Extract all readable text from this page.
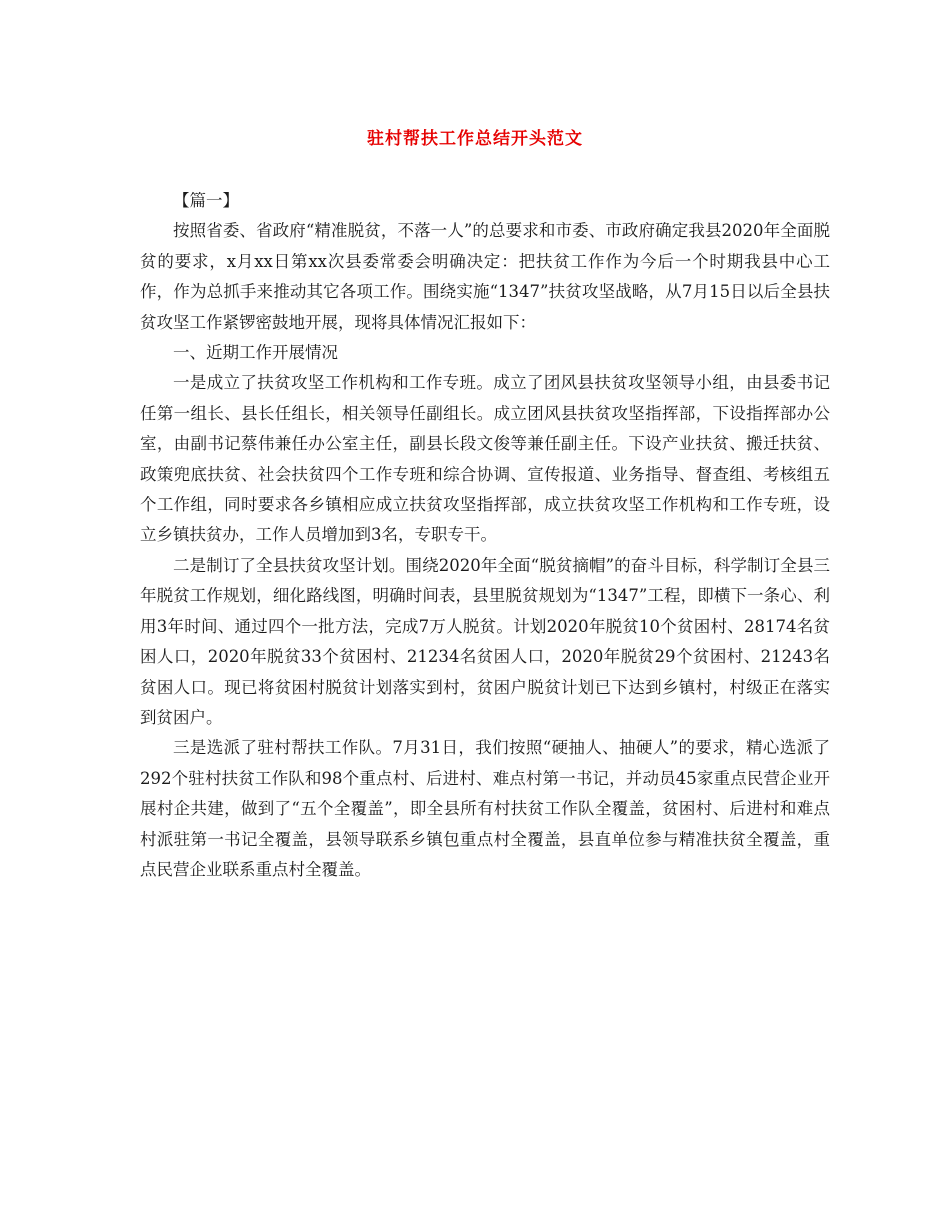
驻村帮扶工作总结开头范文

【篇一】

按照省委、省政府“精准脱贫，不落一人”的总要求和市委、市政府确定我县2020年全面脱贫的要求，x月xx日第xx次县委常委会明确决定：把扶贫工作作为今后一个时期我县中心工作，作为总抓手来推动其它各项工作。围绕实施“1347”扶贫攻坚战略，从7月15日以后全县扶贫攻坚工作紧锣密鼓地开展，现将具体情况汇报如下：

一、近期工作开展情况

一是成立了扶贫攻坚工作机构和工作专班。成立了团风县扶贫攻坚领导小组，由县委书记任第一组长、县长任组长，相关领导任副组长。成立团风县扶贫攻坚指挥部，下设指挥部办公室，由副书记蔡伟兼任办公室主任，副县长段文俊等兼任副主任。下设产业扶贫、搬迁扶贫、政策兜底扶贫、社会扶贫四个工作专班和综合协调、宣传报道、业务指导、督查组、考核组五个工作组，同时要求各乡镇相应成立扶贫攻坚指挥部，成立扶贫攻坚工作机构和工作专班，设立乡镇扶贫办，工作人员增加到3名，专职专干。

二是制订了全县扶贫攻坚计划。围绕2020年全面“脱贫摘帽”的奋斗目标，科学制订全县三年脱贫工作规划，细化路线图，明确时间表，县里脱贫规划为“1347”工程，即横下一条心、利用3年时间、通过四个一批方法，完成7万人脱贫。计划2020年脱贫10个贫困村、28174名贫困人口，2020年脱贫33个贫困村、21234名贫困人口，2020年脱贫29个贫困村、21243名贫困人口。现已将贫困村脱贫计划落实到村，贫困户脱贫计划已下达到乡镇村，村级正在落实到贫困户。

三是选派了驻村帮扶工作队。7月31日，我们按照“硬抽人、抽硬人”的要求，精心选派了292个驻村扶贫工作队和98个重点村、后进村、难点村第一书记，并动员45家重点民营企业开展村企共建，做到了“五个全覆盖”，即全县所有村扶贫工作队全覆盖，贫困村、后进村和难点村派驻第一书记全覆盖，县领导联系乡镇包重点村全覆盖，县直单位参与精准扶贫全覆盖，重点民营企业联系重点村全覆盖。
